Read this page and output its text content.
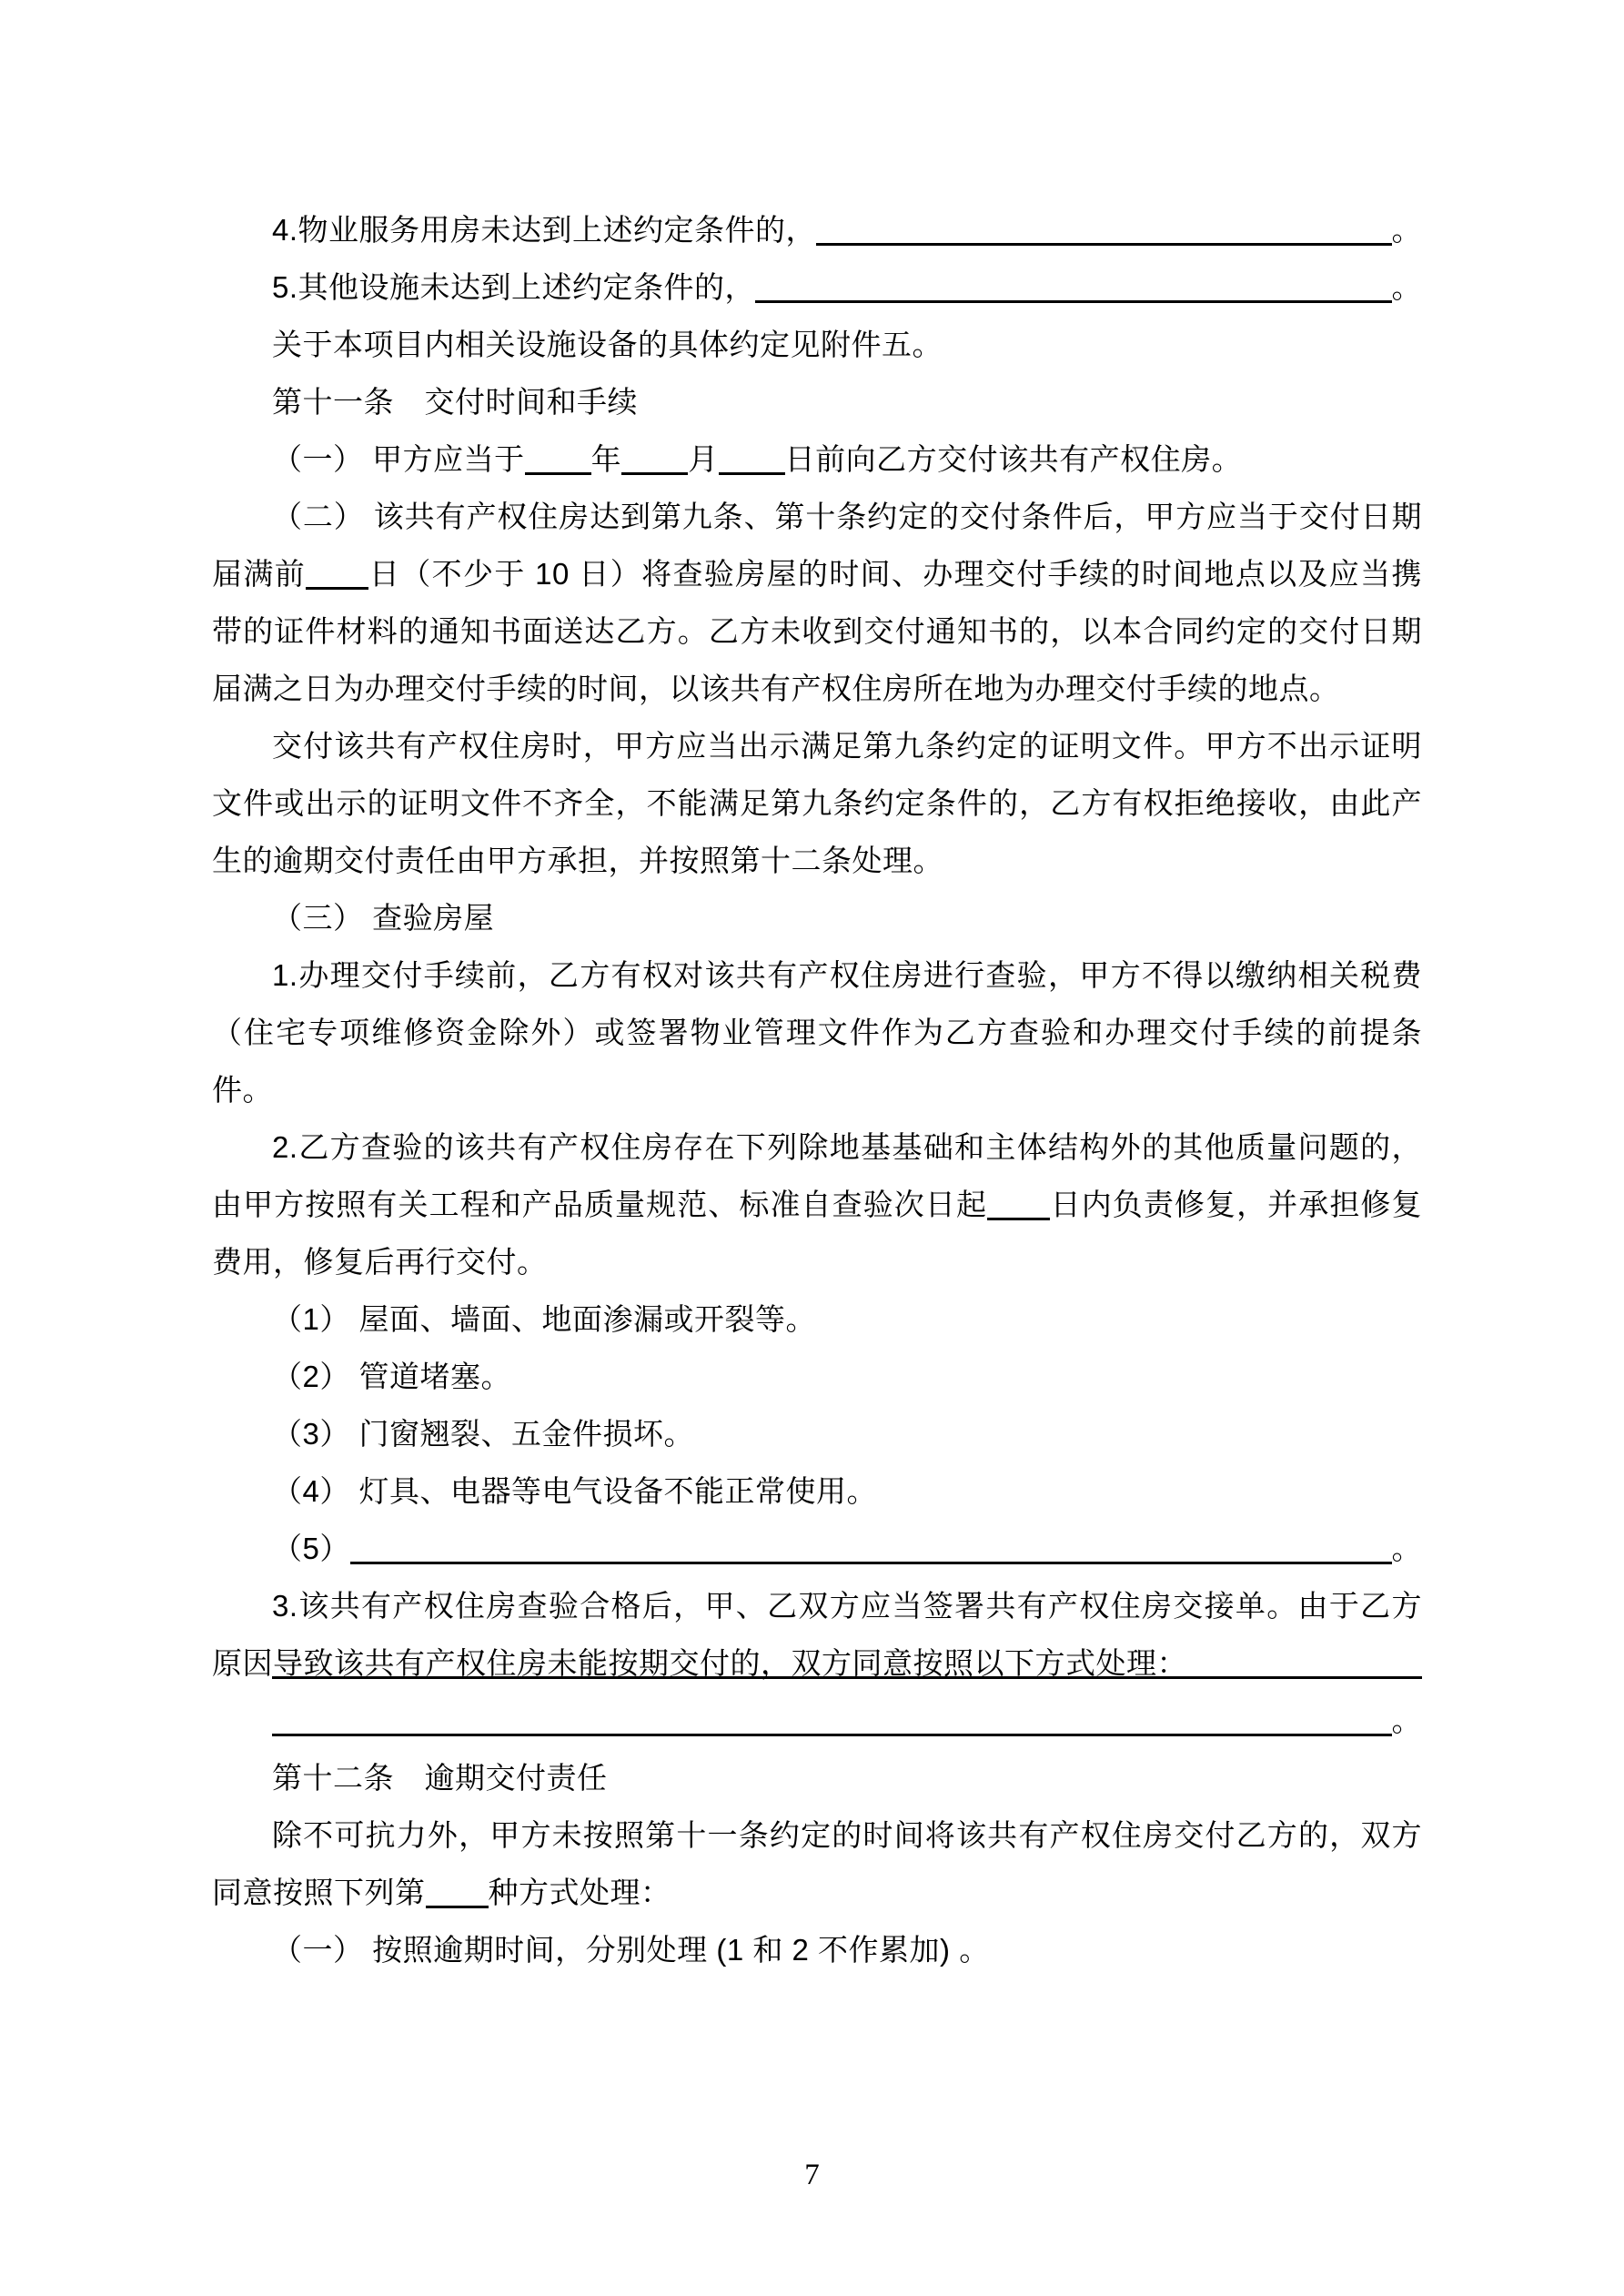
4.物业服务用房未达到上述约定条件的，	。

5.其他设施未达到上述约定条件的，	。

关于本项目内相关设施设备的具体约定见附件五。

第十一条　交付时间和手续

（一） 甲方应当于 年 月 日前向乙方交付该共有产权住房。

（二） 该共有产权住房达到第九条、第十条约定的交付条件后，甲方应当于交付日期届满前 日（不少于 10 日）将查验房屋的时间、办理交付手续的时间地点以及应当携带的证件材料的通知书面送达乙方。乙方未收到交付通知书的，以本合同约定的交付日期届满之日为办理交付手续的时间，以该共有产权住房所在地为办理交付手续的地点。

交付该共有产权住房时，甲方应当出示满足第九条约定的证明文件。甲方不出示证明文件或出示的证明文件不齐全，不能满足第九条约定条件的，乙方有权拒绝接收，由此产生的逾期交付责任由甲方承担，并按照第十二条处理。

（三） 查验房屋

1.办理交付手续前，乙方有权对该共有产权住房进行查验，甲方不得以缴纳相关税费（住宅专项维修资金除外）或签署物业管理文件作为乙方查验和办理交付手续的前提条件。

2.乙方查验的该共有产权住房存在下列除地基基础和主体结构外的其他质量问题的，由甲方按照有关工程和产品质量规范、标准自查验次日起 日内负责修复，并承担修复费用，修复后再行交付。

（1） 屋面、墙面、地面渗漏或开裂等。

（2） 管道堵塞。

（3） 门窗翘裂、五金件损坏。

（4） 灯具、电器等电气设备不能正常使用。

（5）	。

3.该共有产权住房查验合格后，甲、乙双方应当签署共有产权住房交接单。由于乙方原因导致该共有产权住房未能按期交付的，双方同意按照以下方式处理：

。

第十二条　逾期交付责任

除不可抗力外，甲方未按照第十一条约定的时间将该共有产权住房交付乙方的，双方同意按照下列第 种方式处理：

（一） 按照逾期时间，分别处理 (1 和 2 不作累加) 。

7
